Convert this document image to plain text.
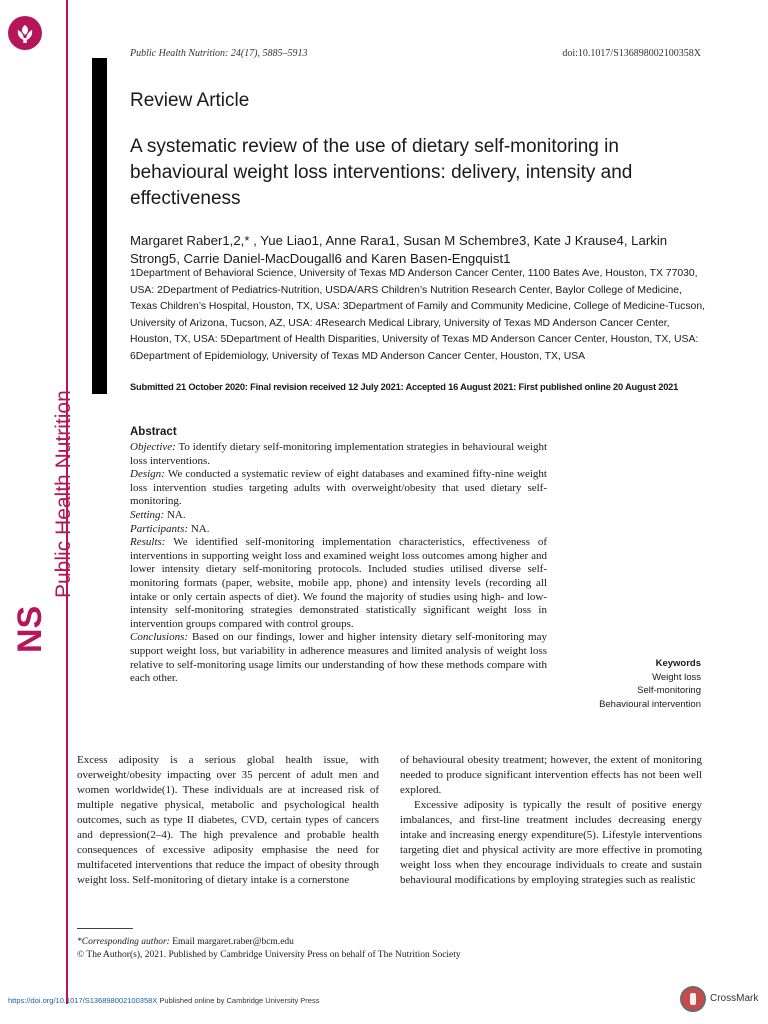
Public Health Nutrition
NS
Public Health Nutrition: 24(17), 5885–5913	doi:10.1017/S136898002100358X
Review Article
A systematic review of the use of dietary self-monitoring in behavioural weight loss interventions: delivery, intensity and effectiveness
Margaret Raber1,2,* , Yue Liao1, Anne Rara1, Susan M Schembre3, Kate J Krause4, Larkin Strong5, Carrie Daniel-MacDougall6 and Karen Basen-Engquist1
1Department of Behavioral Science, University of Texas MD Anderson Cancer Center, 1100 Bates Ave, Houston, TX 77030, USA: 2Department of Pediatrics-Nutrition, USDA/ARS Children’s Nutrition Research Center, Baylor College of Medicine, Texas Children’s Hospital, Houston, TX, USA: 3Department of Family and Community Medicine, College of Medicine-Tucson, University of Arizona, Tucson, AZ, USA: 4Research Medical Library, University of Texas MD Anderson Cancer Center, Houston, TX, USA: 5Department of Health Disparities, University of Texas MD Anderson Cancer Center, Houston, TX, USA: 6Department of Epidemiology, University of Texas MD Anderson Cancer Center, Houston, TX, USA
Submitted 21 October 2020: Final revision received 12 July 2021: Accepted 16 August 2021: First published online 20 August 2021
Abstract

Objective: To identify dietary self-monitoring implementation strategies in behavioural weight loss interventions.

Design: We conducted a systematic review of eight databases and examined fifty-nine weight loss intervention studies targeting adults with overweight/obesity that used dietary self-monitoring.

Setting: NA.

Participants: NA.

Results: We identified self-monitoring implementation characteristics, effectiveness of interventions in supporting weight loss and examined weight loss outcomes among higher and lower intensity dietary self-monitoring protocols. Included studies utilised diverse self-monitoring formats (paper, website, mobile app, phone) and intensity levels (recording all intake or only certain aspects of diet). We found the majority of studies using high- and low-intensity self-monitoring strategies demonstrated statistically significant weight loss in intervention groups compared with control groups.

Conclusions: Based on our findings, lower and higher intensity dietary self-monitoring may support weight loss, but variability in adherence measures and limited analysis of weight loss relative to self-monitoring usage limits our understanding of how these methods compare with each other.

Keywords
Weight loss
Self-monitoring
Behavioural intervention

Excess adiposity is a serious global health issue, with overweight/obesity impacting over 35 percent of adult men and women worldwide(1). These individuals are at increased risk of multiple negative physical, metabolic and psychological health outcomes, such as type II diabetes, CVD, certain types of cancers and depression(2–4). The high prevalence and probable health consequences of excessive adiposity emphasise the need for multifaceted interventions that reduce the impact of obesity through weight loss. Self-monitoring of dietary intake is a cornerstone

of behavioural obesity treatment; however, the extent of monitoring needed to produce significant intervention effects has not been well explored.

Excessive adiposity is typically the result of positive energy imbalances, and first-line treatment includes decreasing energy intake and increasing energy expenditure(5). Lifestyle interventions targeting diet and physical activity are more effective in promoting weight loss when they encourage individuals to create and sustain behavioural modifications by employing strategies such as realistic

*Corresponding author: Email margaret.raber@bcm.edu
© The Author(s), 2021. Published by Cambridge University Press on behalf of The Nutrition Society
https://doi.org/10.1017/S136898002100358X Published online by Cambridge University Press	CrossMark
